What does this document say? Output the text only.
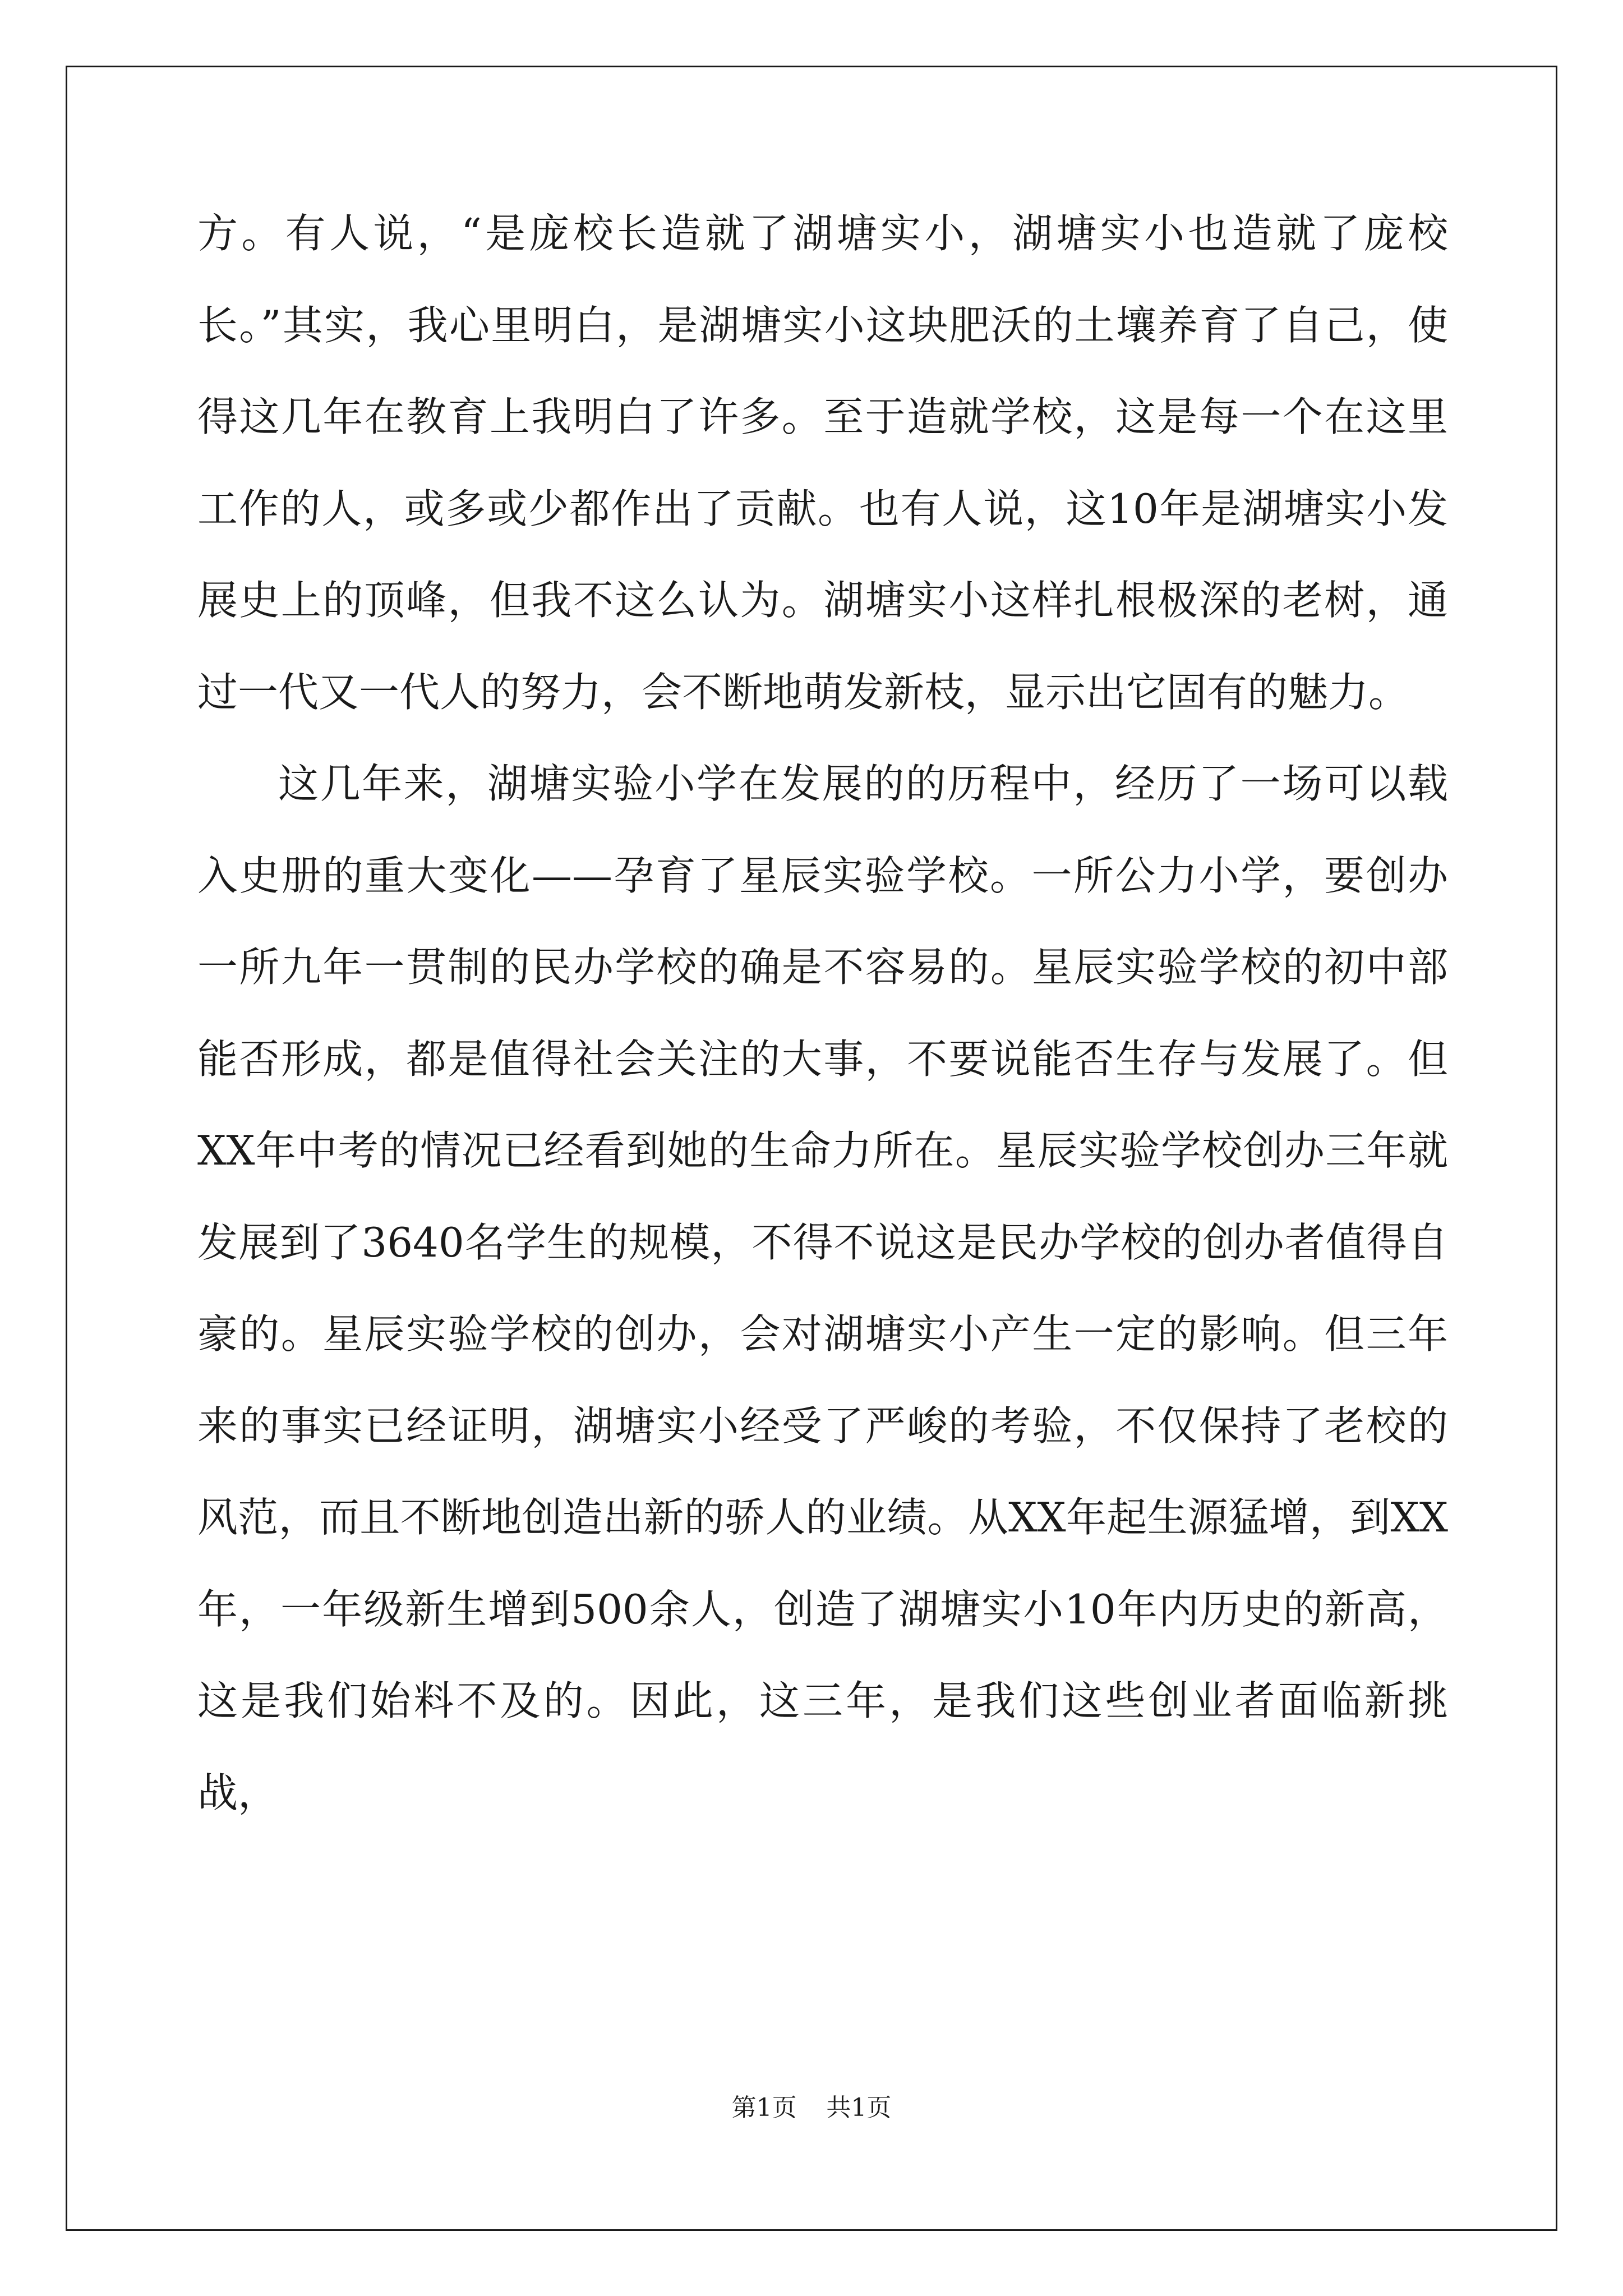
方。有人说，“是庞校长造就了湖塘实小，湖塘实小也造就了庞校长。”其实，我心里明白，是湖塘实小这块肥沃的土壤养育了自己，使得这几年在教育上我明白了许多。至于造就学校，这是每一个在这里工作的人，或多或少都作出了贡献。也有人说，这10年是湖塘实小发展史上的顶峰，但我不这么认为。湖塘实小这样扎根极深的老树，通过一代又一代人的努力，会不断地萌发新枝，显示出它固有的魅力。

这几年来，湖塘实验小学在发展的的历程中，经历了一场可以载入史册的重大变化——孕育了星辰实验学校。一所公力小学，要创办一所九年一贯制的民办学校的确是不容易的。星辰实验学校的初中部能否形成，都是值得社会关注的大事，不要说能否生存与发展了。但XX年中考的情况已经看到她的生命力所在。星辰实验学校创办三年就发展到了3640名学生的规模，不得不说这是民办学校的创办者值得自豪的。星辰实验学校的创办，会对湖塘实小产生一定的影响。但三年来的事实已经证明，湖塘实小经受了严峻的考验，不仅保持了老校的风范，而且不断地创造出新的骄人的业绩。从XX年起生源猛增，到XX年，一年级新生增到500余人，创造了湖塘实小10年内历史的新高，这是我们始料不及的。因此，这三年，是我们这些创业者面临新挑战，

第1页 共1页
